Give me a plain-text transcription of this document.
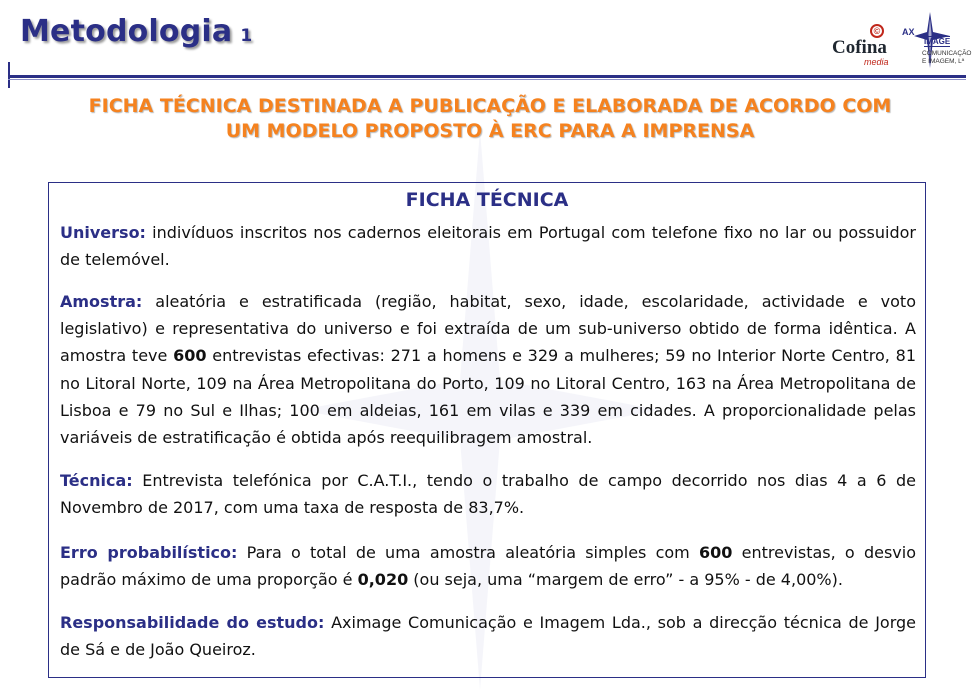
Metodologia 1	©
Cofina
media
AX
IMAGE
COMUNICAÇÃO E IMAGEM, Lª
FICHA TÉCNICA DESTINADA A PUBLICAÇÃO E ELABORADA DE ACORDO COM
UM MODELO PROPOSTO À ERC PARA A IMPRENSA
FICHA TÉCNICA
Universo: indivíduos inscritos nos cadernos eleitorais em Portugal com telefone fixo no lar ou possuidor de telemóvel.
Amostra: aleatória e estratificada (região, habitat, sexo, idade, escolaridade, actividade e voto legislativo) e representativa do universo e foi extraída de um sub-universo obtido de forma idêntica. A amostra teve 600 entrevistas efectivas: 271 a homens e 329 a mulheres; 59 no Interior Norte Centro, 81 no Litoral Norte, 109 na Área Metropolitana do Porto, 109 no Litoral Centro, 163 na Área Metropolitana de Lisboa e 79 no Sul e Ilhas; 100 em aldeias, 161 em vilas e 339 em cidades. A proporcionalidade pelas variáveis de estratificação é obtida após reequilibragem amostral.
Técnica: Entrevista telefónica por C.A.T.I., tendo o trabalho de campo decorrido nos dias 4 a 6 de Novembro de 2017, com uma taxa de resposta de 83,7%.
Erro probabilístico: Para o total de uma amostra aleatória simples com 600 entrevistas, o desvio padrão máximo de uma proporção é 0,020 (ou seja, uma “margem de erro” - a 95% - de 4,00%).
Responsabilidade do estudo: Aximage Comunicação e Imagem Lda., sob a direcção técnica de Jorge de Sá e de João Queiroz.
